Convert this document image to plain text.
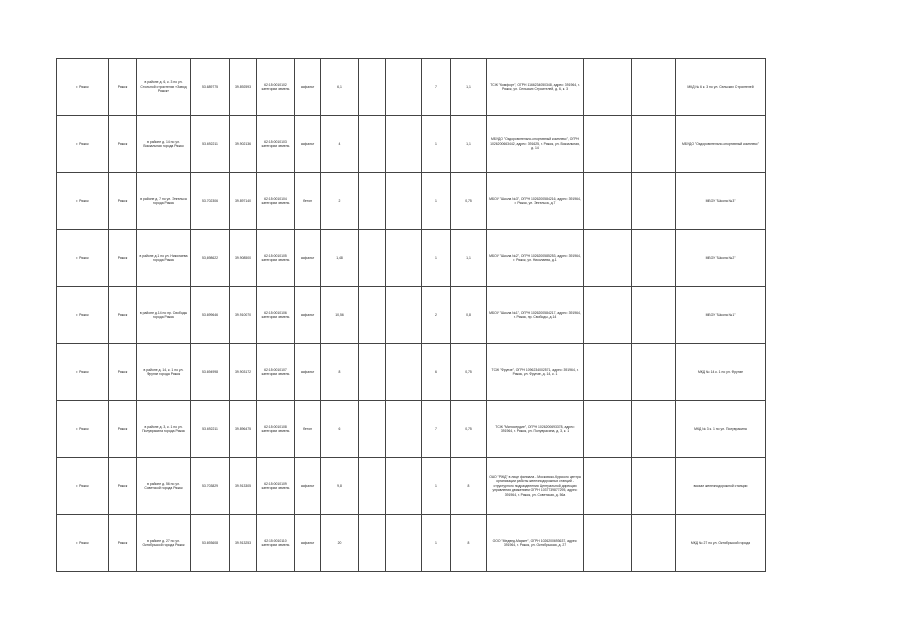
г. Ряжск	Ряжск	в районе д. 6, к. 3 по ул. Стольной строителях «Завод Ряжск»	53.689775	39.892593	62:15:0010102 категории земель	асфальт	6,1			7	1,1	ТСЖ "Комфорт", ОГРН 1166234050348, адрес: 391964, г. Ряжск, ул. Сельских Строителей, д. 6, к. 3			МКД № 6 к. 3 по ул. Сельских Строителей
г. Ряжск	Ряжск	в районе д. 14 по ул. Вокзальная города Ряжск	53.692211	39.902136	62:15:0010103 категории земель	асфальт	4			1	1,1	МБУДО "Оздоровительно-спортивный комплекс", ОГРН 1026200663442, адрес: 391625, г. Ряжск, ул. Вокзальная, д. 14			МБУДО "Оздоровительно-спортивный комплекс"
г. Ряжск	Ряжск	в районе д. 7 по ул. Энгельса города Ряжск	53.702306	39.897140	62:15:0010104 категории земель	бетон	2			1	0,75	МБОУ "Школа №3", ОГРН 1026200584216, адрес: 391964, г. Ряжск, ул. Энгельса, д.7			МБОУ "Школа №3"
г. Ряжск	Ряжск	в районе д.1 по ул. Николаева города Ряжск	53,698622	39.908500	62:15:0010105 категории земель	асфальт	1,48			1	1,1	МБОУ "Школа №2", ОГРН 1026200585253, адрес: 391964, г. Ряжск, ул. Николаева, д.1			МБОУ "Школа №2"
г. Ряжск	Ряжск	в районе д.14 по пр. Свободы города Ряжск	53.699646	39.910070	62:15:0010106 категории земель	асфальт	10,56			2	0,8	МБОУ "Школа №1", ОГРН 1026200584217, адрес: 391964, г. Ряжск, пр. Свободы, д.14			МБОУ "Школа №1"
г. Ряжск	Ряжск	в районе д. 14, к. 1 по ул. Фрунзе города Ряжск	53.694998	39.903172	62:15:0010107 категории земель	асфальт	8			6	0,75	ТСЖ "Фрунзе", ОГРН 1096234002571, адрес: 391964, г. Ряжск, ул. Фрунзе, д. 14, к. 1			МКД № 14 к. 1 по ул. Фрунзе
г. Ряжск	Ряжск	в районе д. 3, к. 1 по ул. Полуврасина города Ряжск	53.692211	39.896475	62:15:0010108 категории земель	бетон	6			7	0,75	ТСЖ "Милосердие", ОГРН 1026200693378, адрес: 391964, г. Ряжск, ул. Полуврасина, д. 3, к. 1			МКД № 3 к. 1 по ул. Полуврасина
г. Ряжск	Ряжск	в районе д. 56 по ул. Советской города Ряжск	53.703829	39.913305	62:15:0010109 категории земель	асфальт	9,8			1	8	ОАО "РЖД" в лице филиала - Московско-Курского центра организации работы железнодорожных станций - структурного подразделения Центральной дирекции управления движением ОГРН 1037739877295, адрес: 391964, г. Ряжск, ул. Советская, д. 56а			вокзал железнодорожной станции
г. Ряжск	Ряжск	в районе д. 27 по ул. Октябрьской города Ряжск	53.693608	39.913253	62:15:0010110 категории земель	асфальт	20			1	8	ООО "Медвед-Маркет", ОГРН 1026200693637, адрес: 391964, г. Ряжск, ул. Октябрьская, д. 27			МКД № 27 по ул. Октябрьской города
